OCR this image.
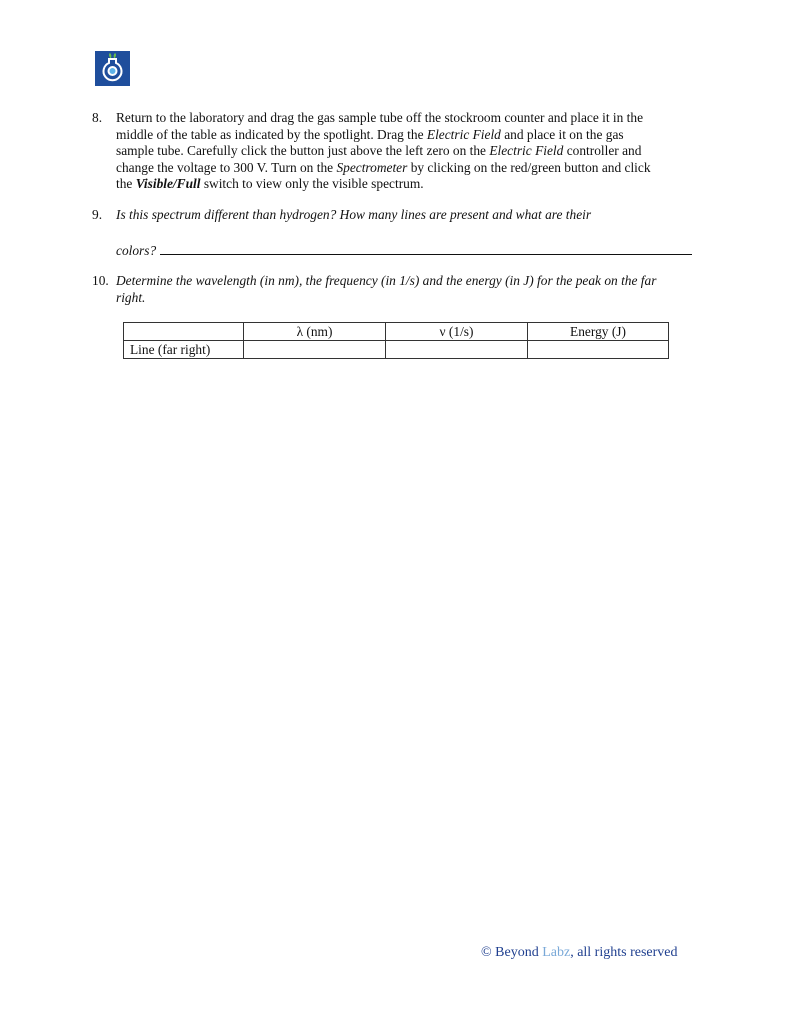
8. Return to the laboratory and drag the gas sample tube off the stockroom counter and place it in the
middle of the table as indicated by the spotlight. Drag the Electric Field and place it on the gas
sample tube. Carefully click the button just above the left zero on the Electric Field controller and
change the voltage to 300 V. Turn on the Spectrometer by clicking on the red/green button and click
the Visible/Full switch to view only the visible spectrum.
9. Is this spectrum different than hydrogen? How many lines are present and what are their
colors?
10. Determine the wavelength (in nm), the frequency (in 1/s) and the energy (in J) for the peak on the far
right.
	λ (nm)	ν (1/s)	Energy (J)
Line (far right)			
© Beyond Labz, all rights reserved
